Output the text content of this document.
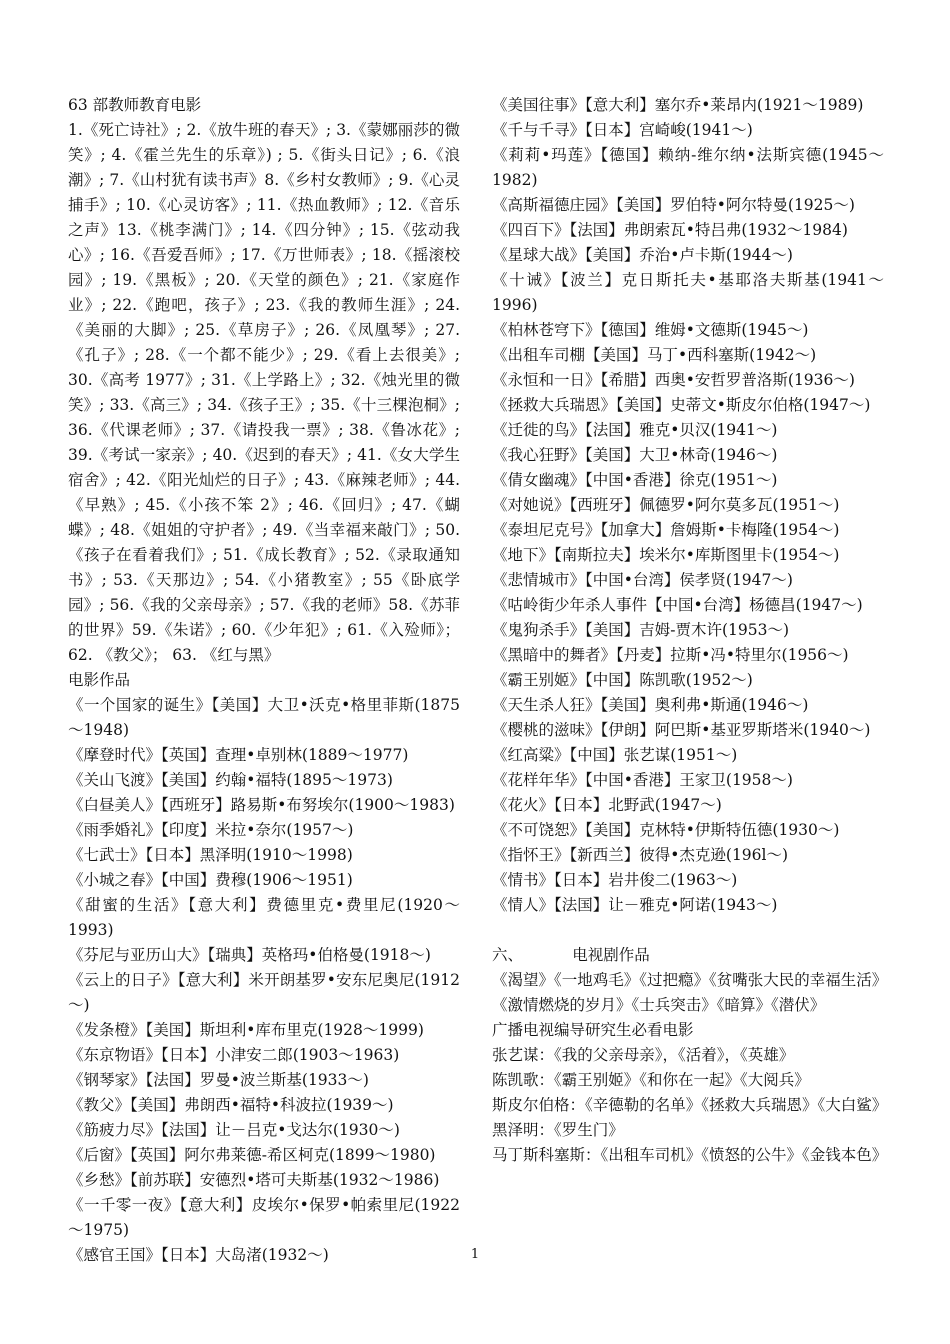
63 部教师教育电影
1.《死亡诗社》; 2.《放牛班的春天》; 3.《蒙娜丽莎的微笑》; 4.《霍兰先生的乐章》) ; 5.《街头日记》; 6.《浪潮》; 7.《山村犹有读书声》8.《乡村女教师》; 9.《心灵捕手》; 10.《心灵访客》; 11.《热血教师》; 12.《音乐之声》13.《桃李满门》; 14.《四分钟》; 15.《弦动我心》; 16.《吾爱吾师》; 17.《万世师表》; 18.《摇滚校园》; 19.《黑板》; 20.《天堂的颜色》; 21.《家庭作业》; 22.《跑吧，孩子》; 23.《我的教师生涯》; 24.《美丽的大脚》; 25.《草房子》; 26.《凤凰琴》; 27.《孔子》; 28.《一个都不能少》; 29.《看上去很美》; 30.《高考 1977》; 31.《上学路上》; 32.《烛光里的微笑》; 33.《高三》; 34.《孩子王》; 35.《十三棵泡桐》; 36.《代课老师》; 37.《请投我一票》; 38.《鲁冰花》; 39.《考试一家亲》; 40.《迟到的春天》; 41.《女大学生宿舍》; 42.《阳光灿烂的日子》; 43.《麻辣老师》; 44.《早熟》; 45.《小孩不笨 2》; 46.《回归》; 47.《蝴蝶》; 48.《姐姐的守护者》; 49.《当幸福来敲门》; 50.《孩子在看着我们》; 51.《成长教育》; 52.《录取通知书》; 53.《天那边》; 54.《小猪教室》; 55《卧底学园》; 56.《我的父亲母亲》; 57.《我的老师》58.《苏菲的世界》59.《朱诺》; 60.《少年犯》; 61.《入殓师》； 62. 《教父》； 63. 《红与黑》
电影作品
《一个国家的诞生》【美国】大卫•沃克•格里菲斯(1875～1948)
《摩登时代》【英国】查理•卓别林(1889～1977)
《关山飞渡》【美国】约翰•福特(1895～1973)
《白昼美人》【西班牙】路易斯•布努埃尔(1900～1983)
《雨季婚礼》【印度】米拉•奈尔(1957～)
《七武士》【日本】黑泽明(1910～1998)
《小城之春》【中国】费穆(1906～1951)
《甜蜜的生活》【意大利】费德里克•费里尼(1920～1993)
《芬尼与亚历山大》【瑞典】英格玛•伯格曼(1918～)
《云上的日子》【意大利】米开朗基罗•安东尼奥尼(1912～)
《发条橙》【美国】斯坦利•库布里克(1928～1999)
《东京物语》【日本】小津安二郎(1903～1963)
《钢琴家》【法国】罗曼•波兰斯基(1933～)
《教父》【美国】弗朗西•福特•科波拉(1939～)
《筋疲力尽》【法国】让－吕克•戈达尔(1930～)
《后窗》【英国】阿尔弗莱德-希区柯克(1899～1980)
《乡愁》【前苏联】安德烈•塔可夫斯基(1932～1986)
《一千零一夜》【意大利】皮埃尔•保罗•帕索里尼(1922～1975)
《感官王国》【日本】大岛渚(1932～)
《美国往事》【意大利】塞尔乔•莱昂内(1921～1989)
《千与千寻》【日本】宫崎峻(1941～)
《莉莉•玛莲》【德国】赖纳-维尔纳•法斯宾德(1945～1982)
《高斯福德庄园》【美国】罗伯特•阿尔特曼(1925～)
《四百下》【法国】弗朗索瓦•特吕弗(1932～1984)
《星球大战》【美国】乔治•卢卡斯(1944～)
《十诫》【波兰】克日斯托夫•基耶洛夫斯基(1941～1996)
《柏林苍穹下》【德国】维姆•文德斯(1945～)
《出租车司棚【美国】马丁•西科塞斯(1942～)
《永恒和一日》【希腊】西奥•安哲罗普洛斯(1936～)
《拯救大兵瑞恩》【美国】史蒂文•斯皮尔伯格(1947～)
《迁徙的鸟》【法国】雅克•贝汉(1941～)
《我心狂野》【美国】大卫•林奇(1946～)
《倩女幽魂》【中国•香港】徐克(1951～)
《对她说》【西班牙】佩德罗•阿尔莫多瓦(1951～)
《泰坦尼克号》【加拿大】詹姆斯•卡梅隆(1954～)
《地下》【南斯拉夫】埃米尔•库斯图里卡(1954～)
《悲情城市》【中国•台湾】侯孝贤(1947～)
《咕岭街少年杀人事件【中国•台湾】杨德昌(1947～)
《鬼狗杀手》【美国】吉姆-贾木许(1953～)
《黑暗中的舞者》【丹麦】拉斯•冯•特里尔(1956～)
《霸王别姬》【中国】陈凯歌(1952～)
《天生杀人狂》【美国】奥利弗•斯通(1946～)
《樱桃的滋味》【伊朗】阿巴斯•基亚罗斯塔米(1940～)
《红高粱》【中国】张艺谋(1951～)
《花样年华》【中国•香港】王家卫(1958～)
《花火》【日本】北野武(1947～)
《不可饶恕》【美国】克林特•伊斯特伍德(1930～)
《指怀王》【新西兰】彼得•杰克逊(196l～)
《情书》【日本】岩井俊二(1963～)
《情人》【法国】让－雅克•阿诺(1943～)
六、          电视剧作品
《渴望》《一地鸡毛》《过把瘾》《贫嘴张大民的幸福生活》
《激情燃烧的岁月》《士兵突击》《暗算》《潜伏》
广播电视编导研究生必看电影
张艺谋：《我的父亲母亲》，《活着》，《英雄》
陈凯歌：《霸王别姬》《和你在一起》《大阅兵》
斯皮尔伯格：《辛德勒的名单》《拯救大兵瑞恩》《大白鲨》
黑泽明：《罗生门》
马丁斯科塞斯：《出租车司机》《愤怒的公牛》《金钱本色》
1
